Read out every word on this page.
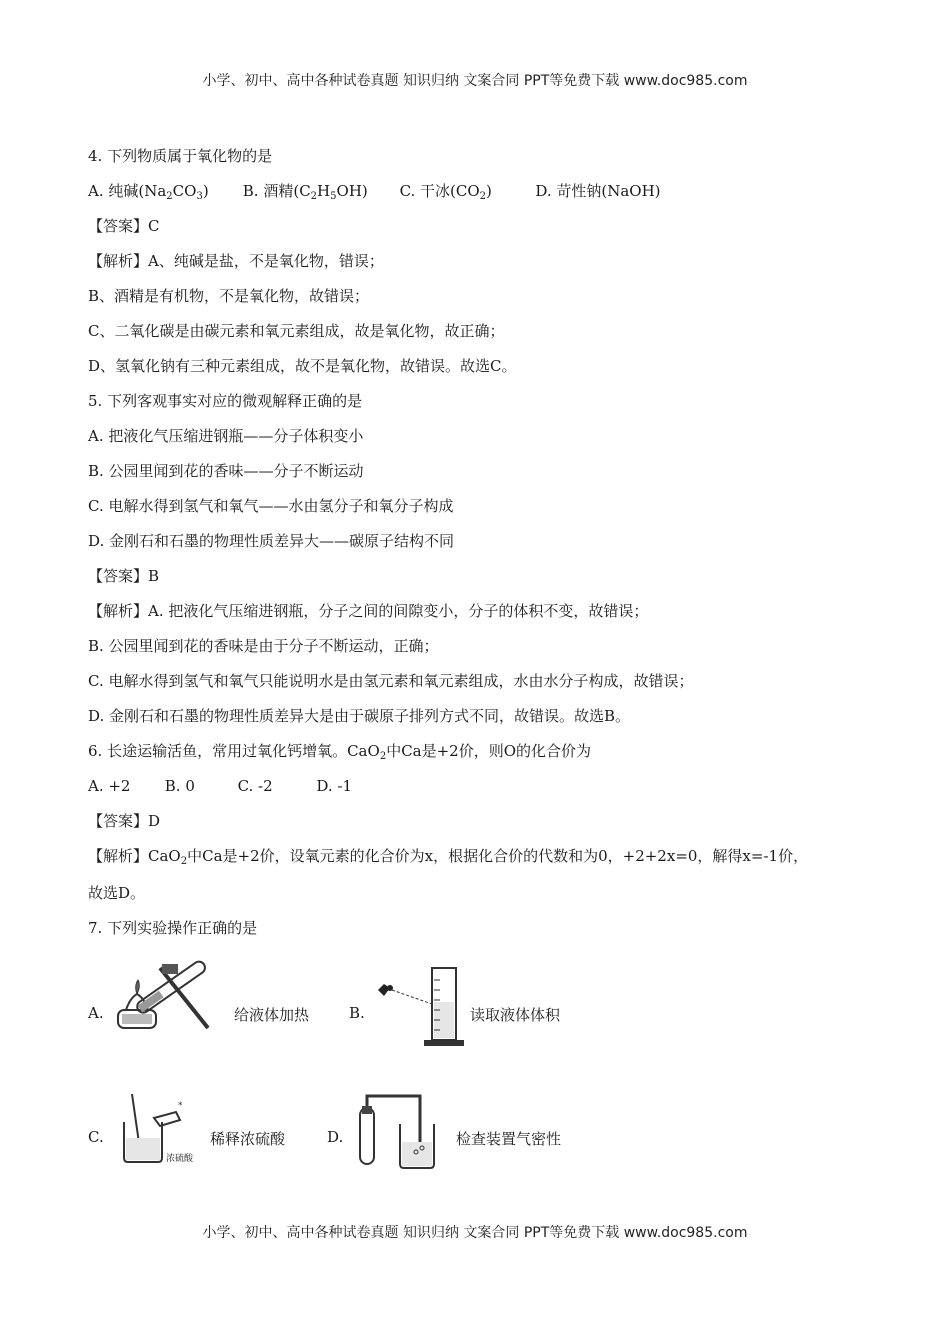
小学、初中、高中各种试卷真题 知识归纳 文案合同 PPT等免费下载 www.doc985.com
4. 下列物质属于氧化物的是
A. 纯碱$(Na_2CO_3)$ B. 酒精$(C_2H_5OH)$ C. 干冰$(CO_2)$	D. 苛性钠(NaOH)
【答案】C
【解析】A、纯碱是盐，不是氧化物，错误；
B、酒精是有机物，不是氧化物，故错误；
C、二氧化碳是由碳元素和氧元素组成，故是氧化物，故正确；
D、氢氧化钠有三种元素组成，故不是氧化物，故错误。故选C。
5. 下列客观事实对应的微观解释正确的是
A. 把液化气压缩进钢瓶——分子体积变小
B. 公园里闻到花的香味——分子不断运动
C. 电解水得到氢气和氧气——水由氢分子和氧分子构成
D. 金刚石和石墨的物理性质差异大——碳原子结构不同
【答案】B
【解析】A. 把液化气压缩进钢瓶，分子之间的间隙变小，分子的体积不变，故错误；
B. 公园里闻到花的香味是由于分子不断运动，正确；
C. 电解水得到氢气和氧气只能说明水是由氢元素和氧元素组成，水由水分子构成，故错误；
D. 金刚石和石墨的物理性质差异大是由于碳原子排列方式不同，故错误。故选B。
6. 长途运输活鱼，常用过氧化钙增氧。CaO$_2$中Ca是+2价，则O的化合价为
A. +2 B. 0	C. -2	D. -1
【答案】D
【解析】CaO$_2$中Ca是+2价，设氧元素的化合价为x，根据化合价的代数和为0，+2+2x=0，解得x=-1价，
故选D。
7. 下列实验操作正确的是
A.	给液体加热	B.	读取液体体积
C.
*
浓硫酸
稀释浓硫酸	D.	检查装置气密性
小学、初中、高中各种试卷真题 知识归纳 文案合同 PPT等免费下载 www.doc985.com
